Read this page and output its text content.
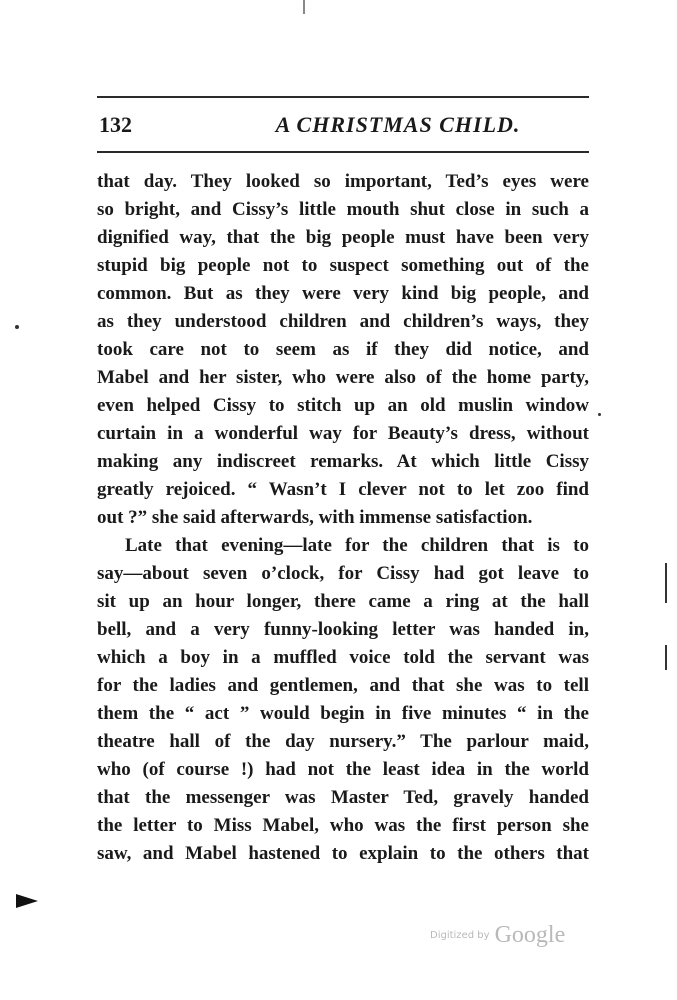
132	A CHRISTMAS CHILD.
that day. They looked so important, Ted’s eyes were
so bright, and Cissy’s little mouth shut close in such a
dignified way, that the big people must have been very
stupid big people not to suspect something out of the
common. But as they were very kind big people, and
as they understood children and children’s ways, they
took care not to seem as if they did notice, and
Mabel and her sister, who were also of the home party,
even helped Cissy to stitch up an old muslin window
curtain in a wonderful way for Beauty’s dress, without
making any indiscreet remarks. At which little Cissy
greatly rejoiced. “ Wasn’t I clever not to let zoo find
out ?” she said afterwards, with immense satisfaction.
Late that evening—late for the children that is to
say—about seven o’clock, for Cissy had got leave to
sit up an hour longer, there came a ring at the hall
bell, and a very funny-looking letter was handed in,
which a boy in a muffled voice told the servant was
for the ladies and gentlemen, and that she was to tell
them the “ act ” would begin in five minutes “ in the
theatre hall of the day nursery.” The parlour maid,
who (of course !) had not the least idea in the world
that the messenger was Master Ted, gravely handed
the letter to Miss Mabel, who was the first person she
saw, and Mabel hastened to explain to the others that
Digitized by Google
